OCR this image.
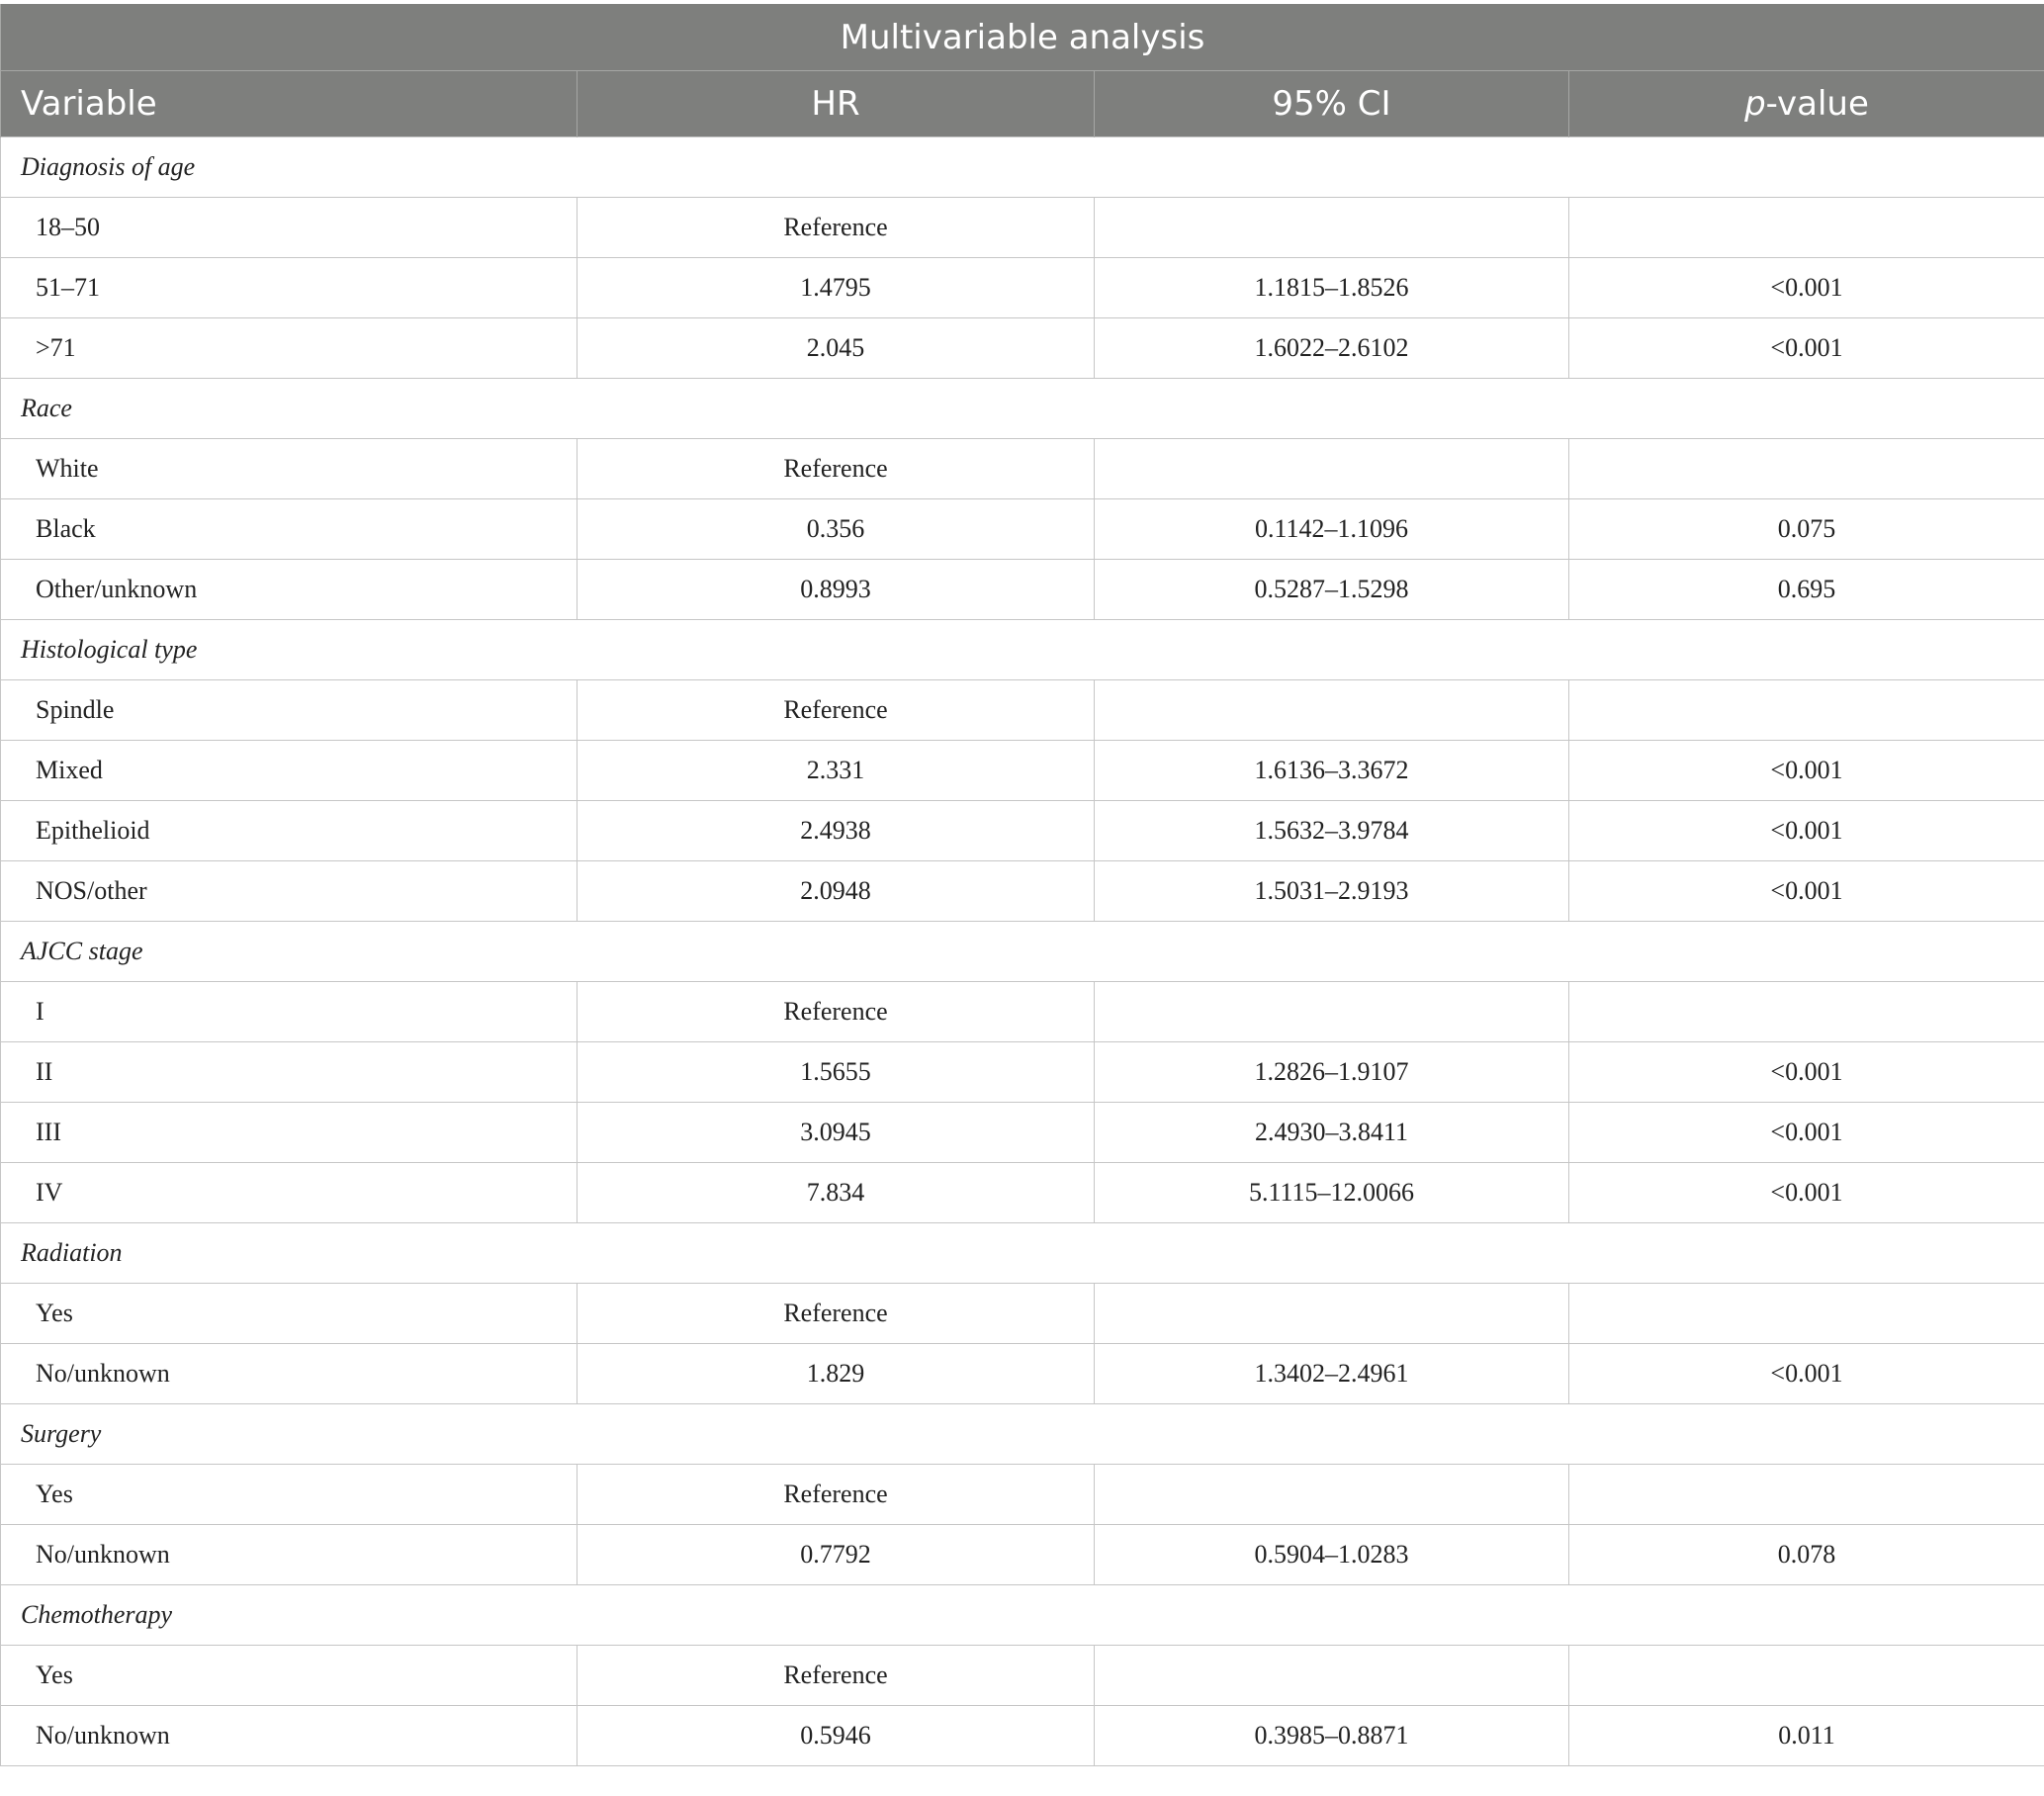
Multivariable analysis			
Variable	HR	95% CI	p-value
Diagnosis of age			
18–50	Reference		
51–71	1.4795	1.1815–1.8526	<0.001
>71	2.045	1.6022–2.6102	<0.001
Race			
White	Reference		
Black	0.356	0.1142–1.1096	0.075
Other/unknown	0.8993	0.5287–1.5298	0.695
Histological type			
Spindle	Reference		
Mixed	2.331	1.6136–3.3672	<0.001
Epithelioid	2.4938	1.5632–3.9784	<0.001
NOS/other	2.0948	1.5031–2.9193	<0.001
AJCC stage			
I	Reference		
II	1.5655	1.2826–1.9107	<0.001
III	3.0945	2.4930–3.8411	<0.001
IV	7.834	5.1115–12.0066	<0.001
Radiation			
Yes	Reference		
No/unknown	1.829	1.3402–2.4961	<0.001
Surgery			
Yes	Reference		
No/unknown	0.7792	0.5904–1.0283	0.078
Chemotherapy			
Yes	Reference		
No/unknown	0.5946	0.3985–0.8871	0.011
